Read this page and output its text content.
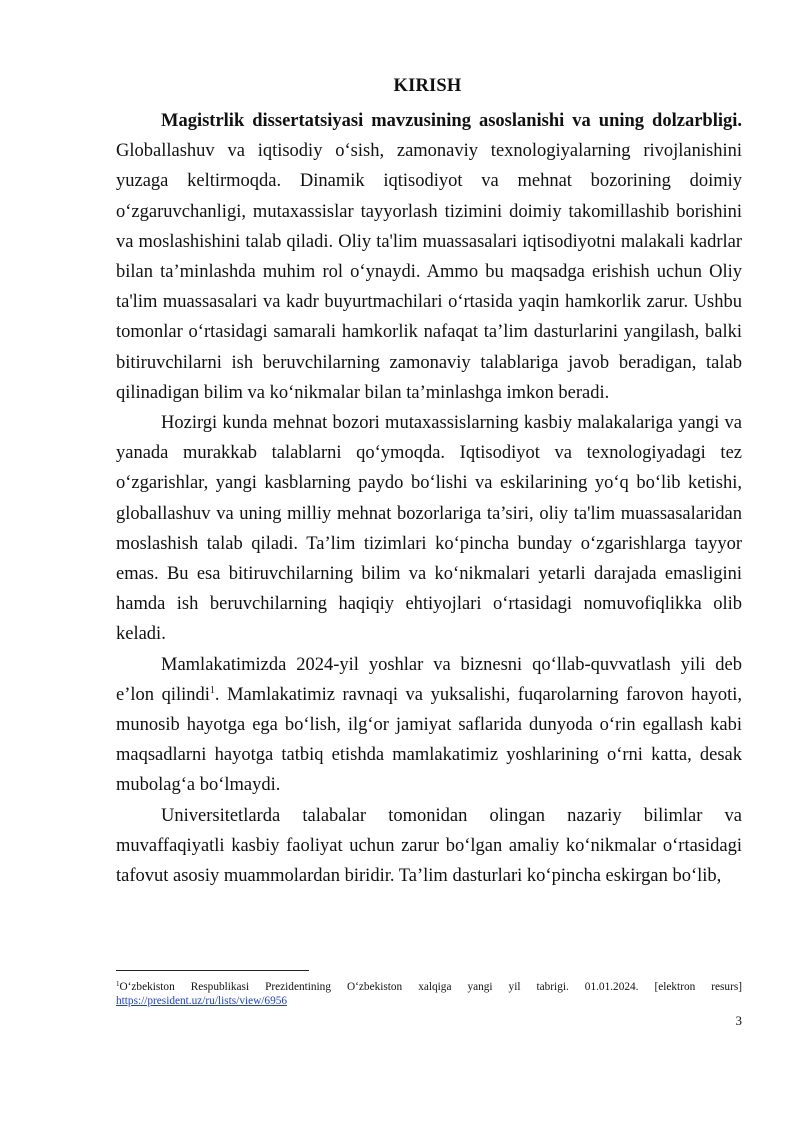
KIRISH

Magistrlik dissertatsiyasi mavzusining asoslanishi va uning dolzarbligi. Globallashuv va iqtisodiy o‘sish, zamonaviy texnologiyalarning rivojlanishini yuzaga keltirmoqda. Dinamik iqtisodiyot va mehnat bozorining doimiy o‘zgaruvchanligi, mutaxassislar tayyorlash tizimini doimiy takomillashib borishini va moslashishini talab qiladi. Oliy ta'lim muassasalari iqtisodiyotni malakali kadrlar bilan ta’minlashda muhim rol o‘ynaydi. Ammo bu maqsadga erishish uchun Oliy ta'lim muassasalari va kadr buyurtmachilari o‘rtasida yaqin hamkorlik zarur. Ushbu tomonlar o‘rtasidagi samarali hamkorlik nafaqat ta’lim dasturlarini yangilash, balki bitiruvchilarni ish beruvchilarning zamonaviy talablariga javob beradigan, talab qilinadigan bilim va ko‘nikmalar bilan ta’minlashga imkon beradi.

Hozirgi kunda mehnat bozori mutaxassislarning kasbiy malakalariga yangi va yanada murakkab talablarni qo‘ymoqda. Iqtisodiyot va texnologiyadagi tez o‘zgarishlar, yangi kasblarning paydo bo‘lishi va eskilarining yo‘q bo‘lib ketishi, globallashuv va uning milliy mehnat bozorlariga ta’siri, oliy ta'lim muassasalaridan moslashish talab qiladi. Ta’lim tizimlari ko‘pincha bunday o‘zgarishlarga tayyor emas. Bu esa bitiruvchilarning bilim va ko‘nikmalari yetarli darajada emasligini hamda ish beruvchilarning haqiqiy ehtiyojlari o‘rtasidagi nomuvofiqlikka olib keladi.

Mamlakatimizda 2024-yil yoshlar va biznesni qo‘llab-quvvatlash yili deb e’lon qilindi$^1$. Mamlakatimiz ravnaqi va yuksalishi, fuqarolarning farovon hayoti, munosib hayotga ega bo‘lish, ilg‘or jamiyat saflarida dunyoda o‘rin egallash kabi maqsadlarni hayotga tatbiq etishda mamlakatimiz yoshlarining o‘rni katta, desak mubolag‘a bo‘lmaydi.

Universitetlarda talabalar tomonidan olingan nazariy bilimlar va muvaffaqiyatli kasbiy faoliyat uchun zarur bo‘lgan amaliy ko‘nikmalar o‘rtasidagi tafovut asosiy muammolardan biridir. Ta’lim dasturlari ko‘pincha eskirgan bo‘lib,

$^1$O‘zbekiston Respublikasi Prezidentining O‘zbekiston xalqiga yangi yil tabrigi. 01.01.2024. [elektron resurs] https://president.uz/ru/lists/view/6956
3
